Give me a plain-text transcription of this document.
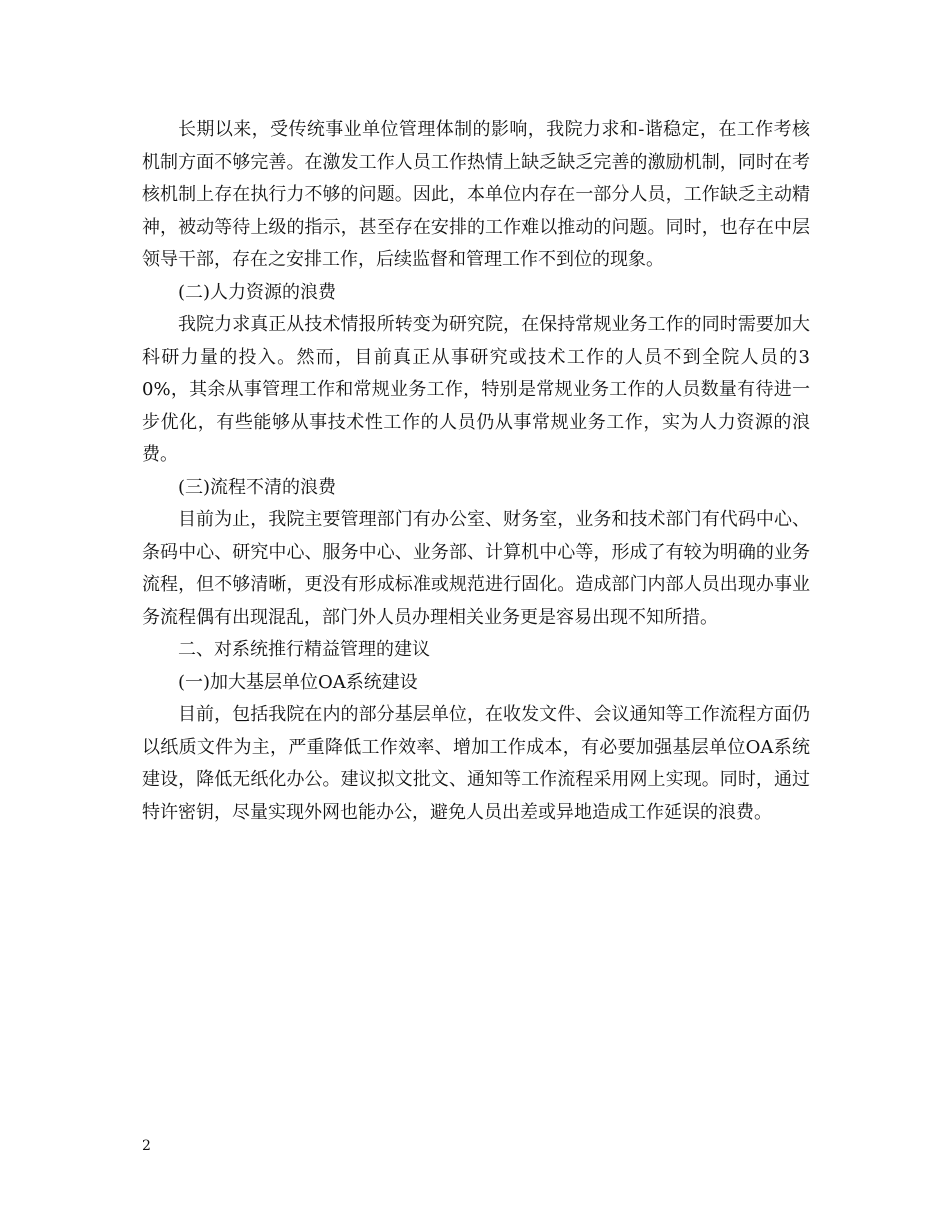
长期以来，受传统事业单位管理体制的影响，我院力求和-谐稳定，在工作考核机制方面不够完善。在激发工作人员工作热情上缺乏缺乏完善的激励机制，同时在考核机制上存在执行力不够的问题。因此，本单位内存在一部分人员，工作缺乏主动精神，被动等待上级的指示，甚至存在安排的工作难以推动的问题。同时，也存在中层领导干部，存在之安排工作，后续监督和管理工作不到位的现象。

(二)人力资源的浪费

我院力求真正从技术情报所转变为研究院，在保持常规业务工作的同时需要加大科研力量的投入。然而，目前真正从事研究或技术工作的人员不到全院人员的30%，其余从事管理工作和常规业务工作，特别是常规业务工作的人员数量有待进一步优化，有些能够从事技术性工作的人员仍从事常规业务工作，实为人力资源的浪费。

(三)流程不清的浪费

目前为止，我院主要管理部门有办公室、财务室，业务和技术部门有代码中心、条码中心、研究中心、服务中心、业务部、计算机中心等，形成了有较为明确的业务流程，但不够清晰，更没有形成标准或规范进行固化。造成部门内部人员出现办事业务流程偶有出现混乱，部门外人员办理相关业务更是容易出现不知所措。

二、对系统推行精益管理的建议

(一)加大基层单位OA系统建设

目前，包括我院在内的部分基层单位，在收发文件、会议通知等工作流程方面仍以纸质文件为主，严重降低工作效率、增加工作成本，有必要加强基层单位OA系统建设，降低无纸化办公。建议拟文批文、通知等工作流程采用网上实现。同时，通过特许密钥，尽量实现外网也能办公，避免人员出差或异地造成工作延误的浪费。

2
